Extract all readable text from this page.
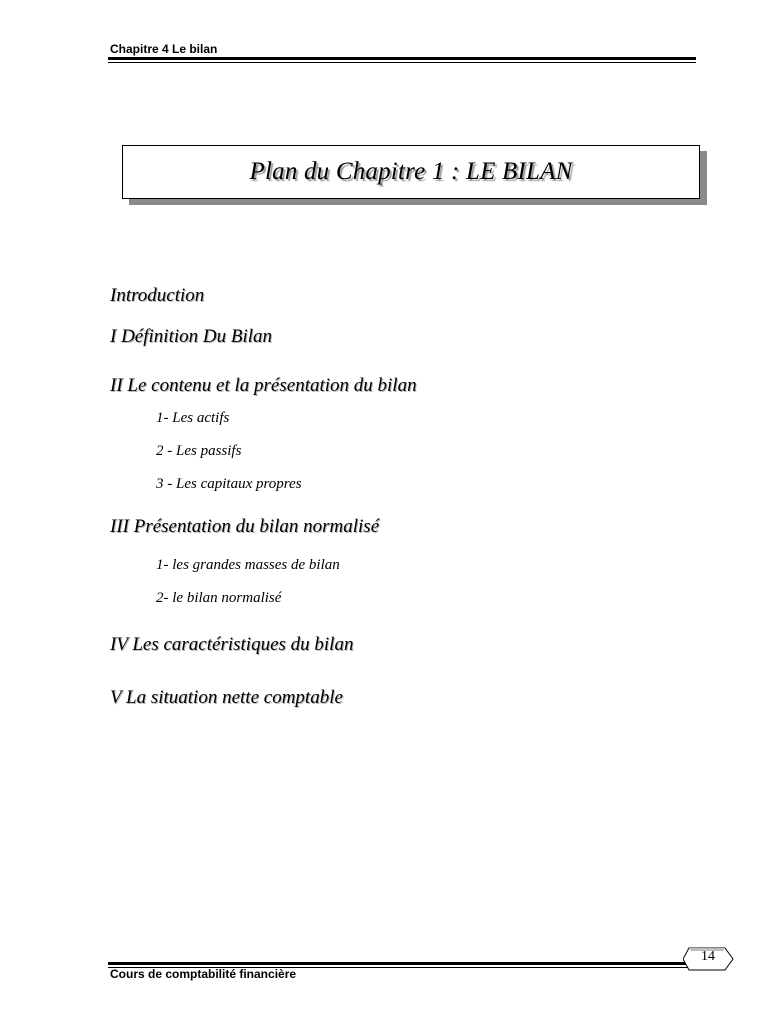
Chapitre 4 Le bilan
Plan du Chapitre 1 : LE BILAN
Introduction
I Définition Du Bilan
II Le contenu et la présentation du bilan
1- Les actifs
2 - Les passifs
3 - Les capitaux propres
III Présentation du bilan normalisé
1- les grandes masses de bilan
2- le bilan normalisé
IV Les caractéristiques du bilan
V La situation nette comptable
14
Cours de comptabilité financière
